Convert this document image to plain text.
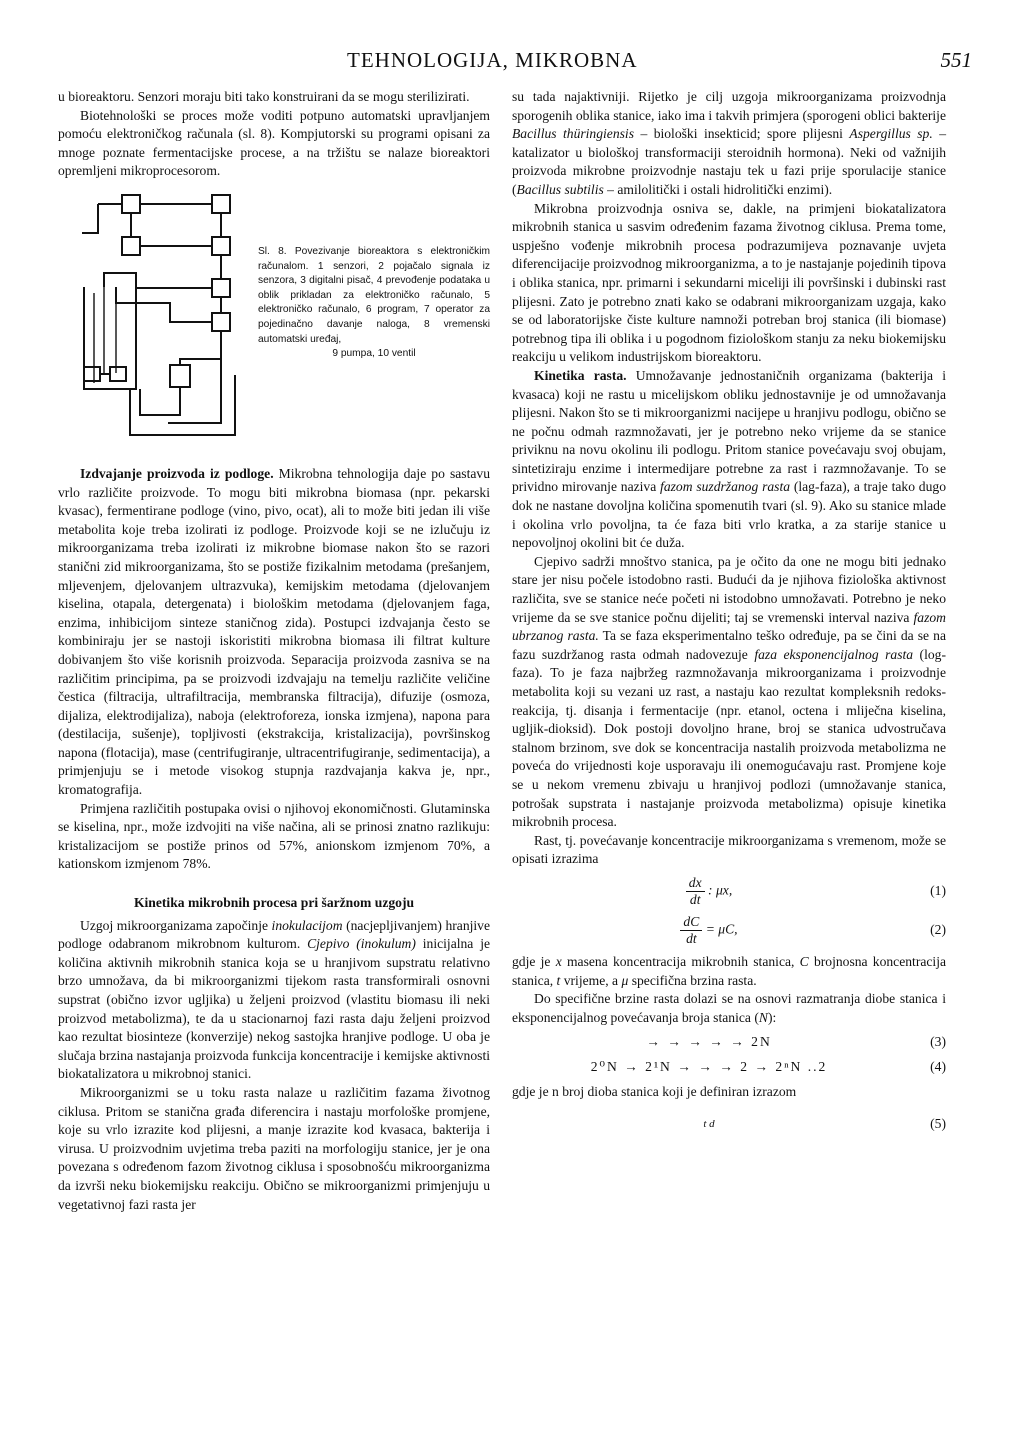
TEHNOLOGIJA, MIKROBNA	551

u bioreaktoru. Senzori moraju biti tako konstruirani da se mogu sterilizirati.

Biotehnološki se proces može voditi potpuno automatski upravljanjem pomoću elektroničkog računala (sl. 8). Kompjutorski su programi opisani za mnoge poznate fermentacijske procese, a na tržištu se nalaze bioreaktori opremljeni mikroprocesorom.

Sl. 8. Povezivanje bioreaktora s elektroničkim računalom. 1 senzori, 2 pojačalo signala iz senzora, 3 digitalni pisač, 4 prevođenje podataka u oblik prikladan za elektroničko računalo, 5 elektroničko računalo, 6 program, 7 operator za pojedinačno davanje naloga, 8 vremenski automatski uređaj,
9 pumpa, 10 ventil

Izdvajanje proizvoda iz podloge. Mikrobna tehnologija daje po sastavu vrlo različite proizvode. To mogu biti mikrobna biomasa (npr. pekarski kvasac), fermentirane podloge (vino, pivo, ocat), ali to može biti jedan ili više metabolita koje treba izolirati iz podloge. Proizvode koji se ne izlučuju iz mikroorganizama treba izolirati iz mikrobne biomase nakon što se razori stanični zid mikroorganizama, što se postiže fizikalnim metodama (prešanjem, mljevenjem, djelovanjem ultrazvuka), kemijskim metodama (djelovanjem kiselina, otapala, detergenata) i biološkim metodama (djelovanjem faga, enzima, inhibicijom sinteze staničnog zida). Postupci izdvajanja često se kombiniraju jer se nastoji iskoristiti mikrobna biomasa ili filtrat kulture dobivanjem što više korisnih proizvoda. Separacija proizvoda zasniva se na različitim principima, pa se proizvodi izdvajaju na temelju različite veličine čestica (filtracija, ultrafiltracija, membranska filtracija), difuzije (osmoza, dijaliza, elektrodijaliza), naboja (elektroforeza, ionska izmjena), napona para (destilacija, sušenje), topljivosti (ekstrakcija, kristalizacija), površinskog napona (flotacija), mase (centrifugiranje, ultracentrifugiranje, sedimentacija), a primjenjuju se i metode visokog stupnja razdvajanja kakva je, npr., kromatografija.

Primjena različitih postupaka ovisi o njihovoj ekonomičnosti. Glutaminska se kiselina, npr., može izdvojiti na više načina, ali se prinosi znatno razlikuju: kristalizacijom se postiže prinos od 57%, anionskom izmjenom 70%, a kationskom izmjenom 78%.

Kinetika mikrobnih procesa pri šaržnom uzgoju

Uzgoj mikroorganizama započinje inokulacijom (nacjepljivanjem) hranjive podloge odabranom mikrobnom kulturom. Cjepivo (inokulum) inicijalna je količina aktivnih mikrobnih stanica koja se u hranjivom supstratu relativno brzo umnožava, da bi mikroorganizmi tijekom rasta transformirali osnovni supstrat (obično izvor ugljika) u željeni proizvod (vlastitu biomasu ili neki proizvod metabolizma), te da u stacionarnoj fazi rasta daju željeni proizvod kao rezultat biosinteze (konverzije) nekog sastojka hranjive podloge. U oba je slučaja brzina nastajanja proizvoda funkcija koncentracije i kemijske aktivnosti biokatalizatora u mikrobnoj stanici.

Mikroorganizmi se u toku rasta nalaze u različitim fazama životnog ciklusa. Pritom se stanična građa diferencira i nastaju morfološke promjene, koje su vrlo izrazite kod plijesni, a manje izrazite kod kvasaca, bakterija i virusa. U proizvodnim uvjetima treba paziti na morfologiju stanice, jer je ona povezana s određenom fazom životnog ciklusa i sposobnošću mikroorganizma da izvrši neku biokemijsku reakciju. Obično se mikroorganizmi primjenjuju u vegetativnoj fazi rasta jer

su tada najaktivniji. Rijetko je cilj uzgoja mikroorganizama proizvodnja sporogenih oblika stanice, iako ima i takvih primjera (sporogeni oblici bakterije Bacillus thüringiensis – biološki insekticid; spore plijesni Aspergillus sp. – katalizator u biološkoj transformaciji steroidnih hormona). Neki od važnijih proizvoda mikrobne proizvodnje nastaju tek u fazi prije sporulacije stanice (Bacillus subtilis – amilolitički i ostali hidrolitički enzimi).

Mikrobna proizvodnja osniva se, dakle, na primjeni biokatalizatora mikrobnih stanica u sasvim određenim fazama životnog ciklusa. Prema tome, uspješno vođenje mikrobnih procesa podrazumijeva poznavanje uvjeta diferencijacije proizvodnog mikroorganizma, a to je nastajanje pojedinih tipova i oblika stanica, npr. primarni i sekundarni miceliji ili površinski i dubinski rast plijesni. Zato je potrebno znati kako se odabrani mikroorganizam uzgaja, kako se od laboratorijske čiste kulture namnoži potreban broj stanica (ili biomase) potrebnog tipa ili oblika i u pogodnom fiziološkom stanju za neku biokemijsku reakciju u velikom industrijskom bioreaktoru.

Kinetika rasta. Umnožavanje jednostaničnih organizama (bakterija i kvasaca) koji ne rastu u micelijskom obliku jednostavnije je od umnožavanja plijesni. Nakon što se ti mikroorganizmi nacijepe u hranjivu podlogu, obično se ne počnu odmah razmnožavati, jer je potrebno neko vrijeme da se stanice priviknu na novu okolinu ili podlogu. Pritom stanice povećavaju svoj obujam, sintetiziraju enzime i intermedijare potrebne za rast i razmnožavanje. To se prividno mirovanje naziva fazom suzdržanog rasta (lag-faza), a traje tako dugo dok ne nastane dovoljna količina spomenutih tvari (sl. 9). Ako su stanice mlade i okolina vrlo povoljna, ta će faza biti vrlo kratka, a za starije stanice u nepovoljnoj okolini bit će duža.

Cjepivo sadrži mnoštvo stanica, pa je očito da one ne mogu biti jednako stare jer nisu počele istodobno rasti. Budući da je njihova fiziološka aktivnost različita, sve se stanice neće početi ni istodobno umnožavati. Potrebno je neko vrijeme da se sve stanice počnu dijeliti; taj se vremenski interval naziva fazom ubrzanog rasta. Ta se faza eksperimentalno teško određuje, pa se čini da se na fazu suzdržanog rasta odmah nadovezuje faza eksponencijalnog rasta (log-faza). To je faza najbržeg razmnožavanja mikroorganizama i proizvodnje metabolita koji su vezani uz rast, a nastaju kao rezultat kompleksnih redoks-reakcija, tj. disanja i fermentacije (npr. etanol, octena i mliječna kiselina, ugljik-dioksid). Dok postoji dovoljno hrane, broj se stanica udvostručava stalnom brzinom, sve dok se koncentracija nastalih proizvoda metabolizma ne poveća do vrijednosti koje usporavaju ili onemogućavaju rast. Promjene koje se u nekom vremenu zbivaju u hranjivoj podlozi (umnožavanje stanica, potrošak supstrata i nastajanje proizvoda metabolizma) opisuje kinetika mikrobnih procesa.

Rast, tj. povećavanje koncentracije mikroorganizama s vremenom, može se opisati izrazima

$\frac{dx}{dt}$ : μx,	(1)
$\frac{dC}{dt} = \mu C$,	(2)

gdje je x masena koncentracija mikrobnih stanica, C brojnosna koncentracija stanica, t vrijeme, a μ specifična brzina rasta.

Do specifične brzine rasta dolazi se na osnovi razmatranja diobe stanica i eksponencijalnog povećavanja broja stanica (N):

→ → → → → 2N	(3)
2⁰N → 2¹N → → → 2 → 2ⁿN ..2	(4)

gdje je n broj dioba stanica koji je definiran izrazom

t d	(5)
